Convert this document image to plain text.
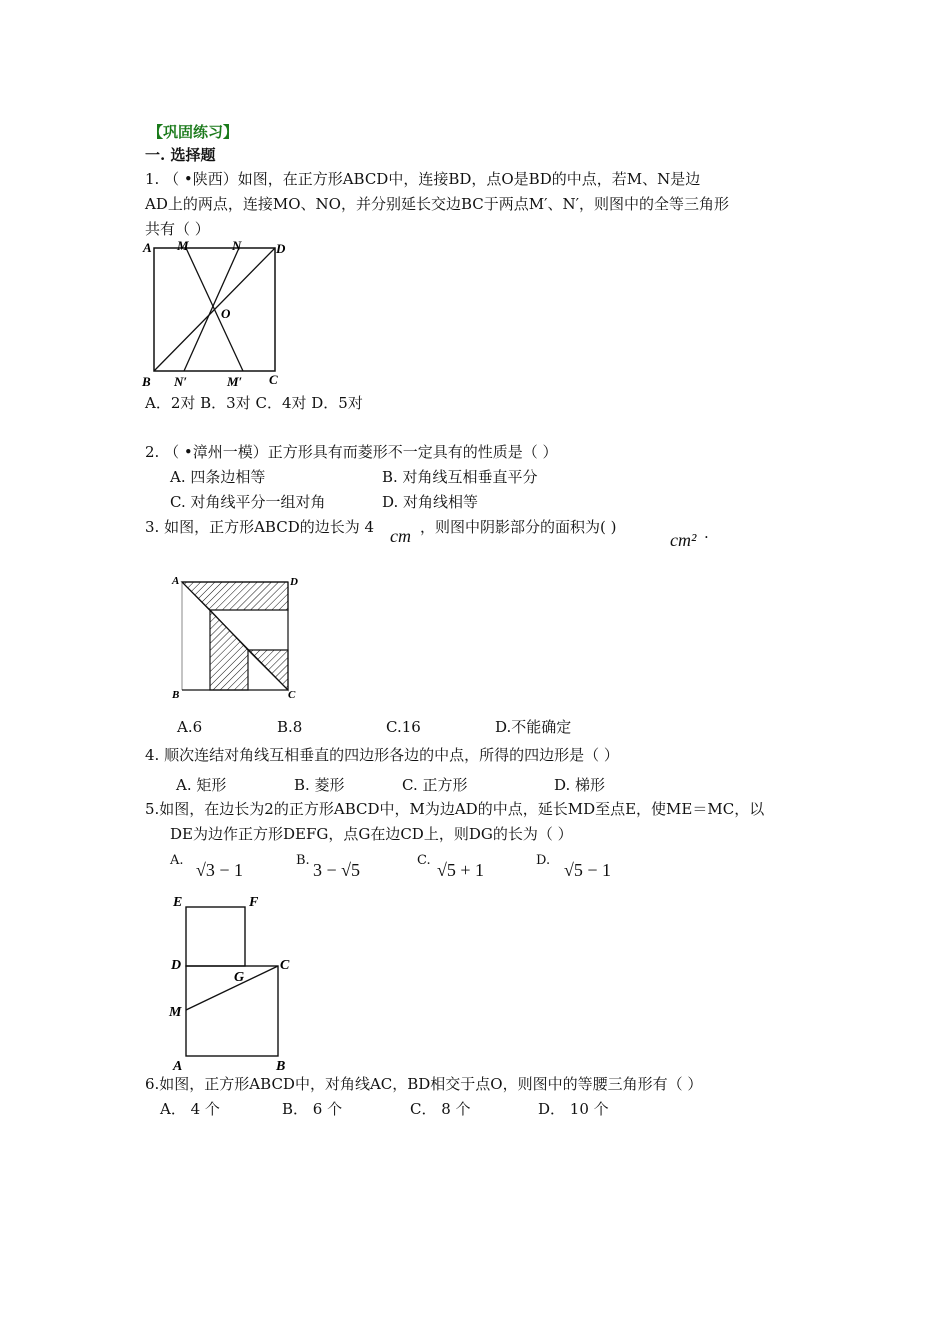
【巩固练习】
一. 选择题
1. （ •陕西）如图，在正方形ABCD中，连接BD，点O是BD的中点，若M、N是边
AD上的两点，连接MO、NO，并分别延长交边BC于两点M′、N′，则图中的全等三角形
共有（ ）
A M	N	D
O
B N′	M′ C
A．2对 B．3对 C．4对 D．5对
2. （ •漳州一模）正方形具有而菱形不一定具有的性质是（ ）
A. 四条边相等	B. 对角线互相垂直平分
C. 对角线平分一组对角	D. 对角线相等
3. 如图，正方形ABCD的边长为 4 cm ，则图中阴影部分的面积为( )
cm² .
A	D
B	C
A.6	B.8	C.16	D.不能确定
4. 顺次连结对角线互相垂直的四边形各边的中点，所得的四边形是（ ）
A. 矩形	B. 菱形	C. 正方形	D. 梯形
5.如图，在边长为2的正方形ABCD中，M为边AD的中点，延长MD至点E，使ME＝MC，以
DE为边作正方形DEFG，点G在边CD上，则DG的长为（ ）
A. √3 − 1	B. 3 − √5	C. √5 + 1	D. √5 − 1
E	F
D
G
C
M
A	B
6.如图，正方形ABCD中，对角线AC，BD相交于点O，则图中的等腰三角形有（ ）
A． 4 个	B． 6 个	C． 8 个	D． 10 个
